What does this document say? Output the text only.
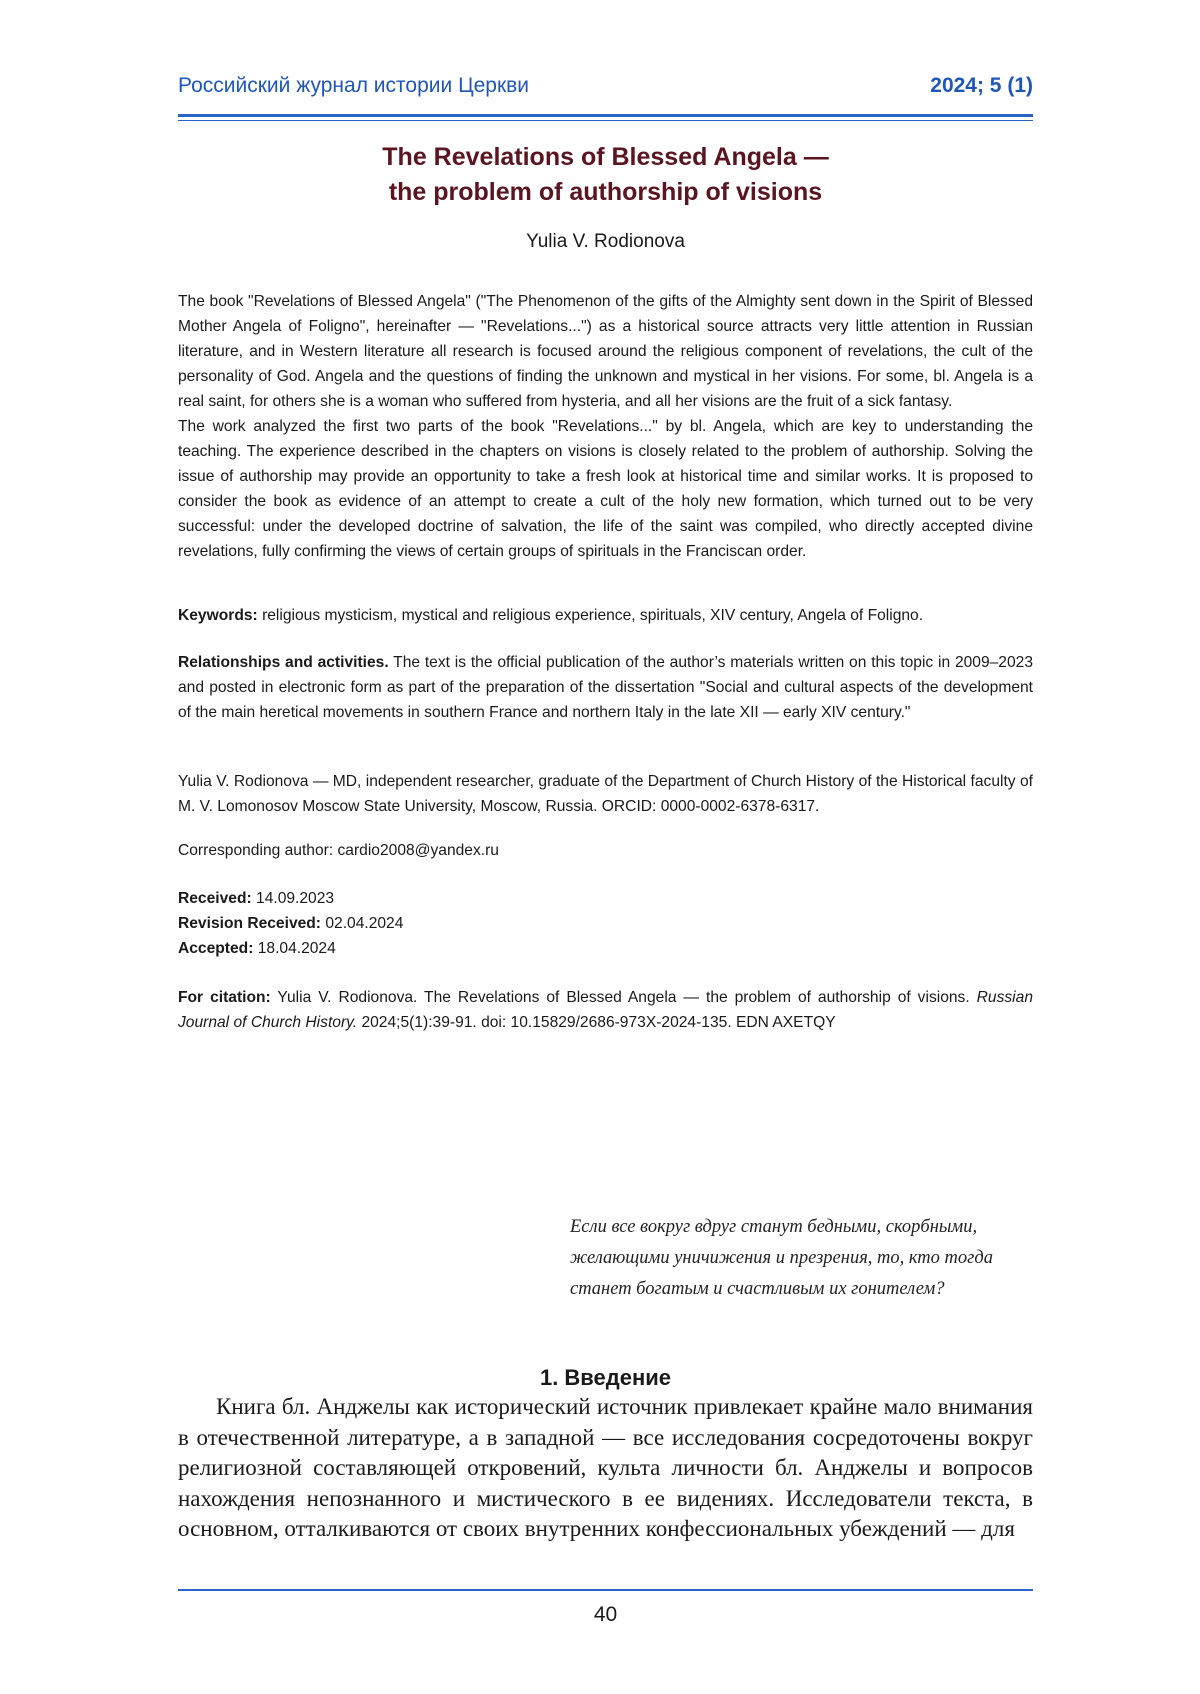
Российский журнал истории Церкви	2024; 5 (1)
The Revelations of Blessed Angela —
the problem of authorship of visions
Yulia V. Rodionova

The book "Revelations of Blessed Angela" ("The Phenomenon of the gifts of the Almighty sent down in the Spirit of Blessed Mother Angela of Foligno", hereinafter — "Revelations...") as a historical source attracts very little attention in Russian literature, and in Western literature all research is focused around the religious component of revelations, the cult of the personality of God. Angela and the questions of finding the unknown and mystical in her visions. For some, bl. Angela is a real saint, for others she is a woman who suffered from hysteria, and all her visions are the fruit of a sick fantasy.

The work analyzed the first two parts of the book "Revelations..." by bl. Angela, which are key to understanding the teaching. The experience described in the chapters on visions is closely related to the problem of authorship. Solving the issue of authorship may provide an opportunity to take a fresh look at historical time and similar works. It is proposed to consider the book as evidence of an attempt to create a cult of the holy new formation, which turned out to be very successful: under the developed doctrine of salvation, the life of the saint was compiled, who directly accepted divine revelations, fully confirming the views of certain groups of spirituals in the Franciscan order.

Keywords: religious mysticism, mystical and religious experience, spirituals, XIV century, Angela of Foligno.

Relationships and activities. The text is the official publication of the author’s materials written on this topic in 2009–2023 and posted in electronic form as part of the preparation of the dissertation "Social and cultural aspects of the development of the main heretical movements in southern France and northern Italy in the late XII — early XIV century."

Yulia V. Rodionova — MD, independent researcher, graduate of the Department of Church History of the Historical faculty of M. V. Lomonosov Moscow State University, Moscow, Russia. ORCID: 0000-0002-6378-6317.

Corresponding author: cardio2008@yandex.ru

Received: 14.09.2023

Revision Received: 02.04.2024

Accepted: 18.04.2024

For citation: Yulia V. Rodionova. The Revelations of Blessed Angela — the problem of authorship of visions. Russian Journal of Church History. 2024;5(1):39-91. doi: 10.15829/2686-973X-2024-135. EDN AXETQY

Если все вокруг вдруг станут бедными, скорбными, желающими уничижения и презрения, то, кто тогда станет богатым и счастливым их гонителем?
1. Введение

Книга бл. Анджелы как исторический источник привлекает крайне мало внимания в отечественной литературе, а в западной — все исследования сосредоточены вокруг религиозной составляющей откровений, культа личности бл. Анджелы и вопросов нахождения непознанного и мистического в ее видениях. Исследователи текста, в основном, отталкиваются от своих внутренних конфессиональных убеждений — для

40
